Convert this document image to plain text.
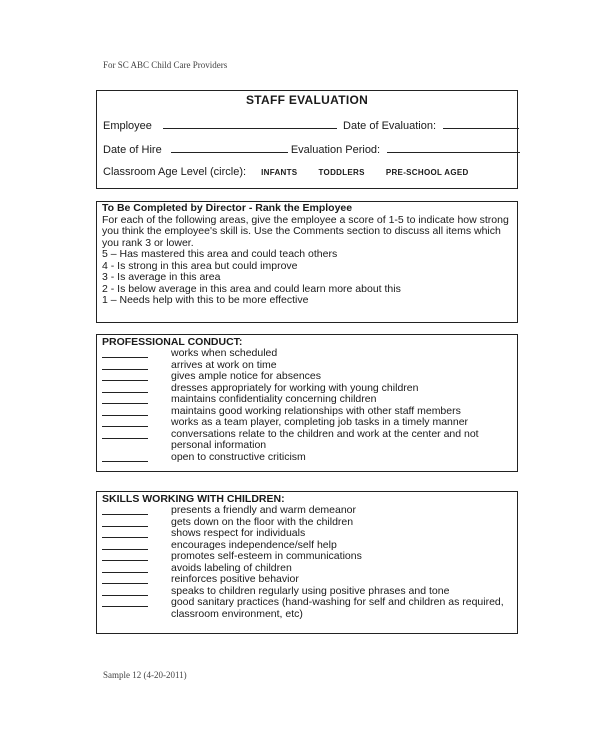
For SC ABC Child Care Providers
STAFF EVALUATION
Employee	Date of Evaluation:
Date of Hire	Evaluation Period:
Classroom Age Level (circle): INFANTS	TODDLERS	PRE-SCHOOL AGED
To Be Completed by Director - Rank the Employee
For each of the following areas, give the employee a score of 1-5 to indicate how strong you think the employee's skill is. Use the Comments section to discuss all items which you rank 3 or lower.
5 – Has mastered this area and could teach others
4 - Is strong in this area but could improve
3 - Is average in this area
2 - Is below average in this area and could learn more about this
1 – Needs help with this to be more effective
PROFESSIONAL CONDUCT:
works when scheduled
arrives at work on time
gives ample notice for absences
dresses appropriately for working with young children
maintains confidentiality concerning children
maintains good working relationships with other staff members
works as a team player, completing job tasks in a timely manner
conversations relate to the children and work at the center and not personal information
open to constructive criticism
SKILLS WORKING WITH CHILDREN:
presents a friendly and warm demeanor
gets down on the floor with the children
shows respect for individuals
encourages independence/self help
promotes self-esteem in communications
avoids labeling of children
reinforces positive behavior
speaks to children regularly using positive phrases and tone
good sanitary practices (hand-washing for self and children as required, classroom environment, etc)
Sample 12 (4-20-2011)
